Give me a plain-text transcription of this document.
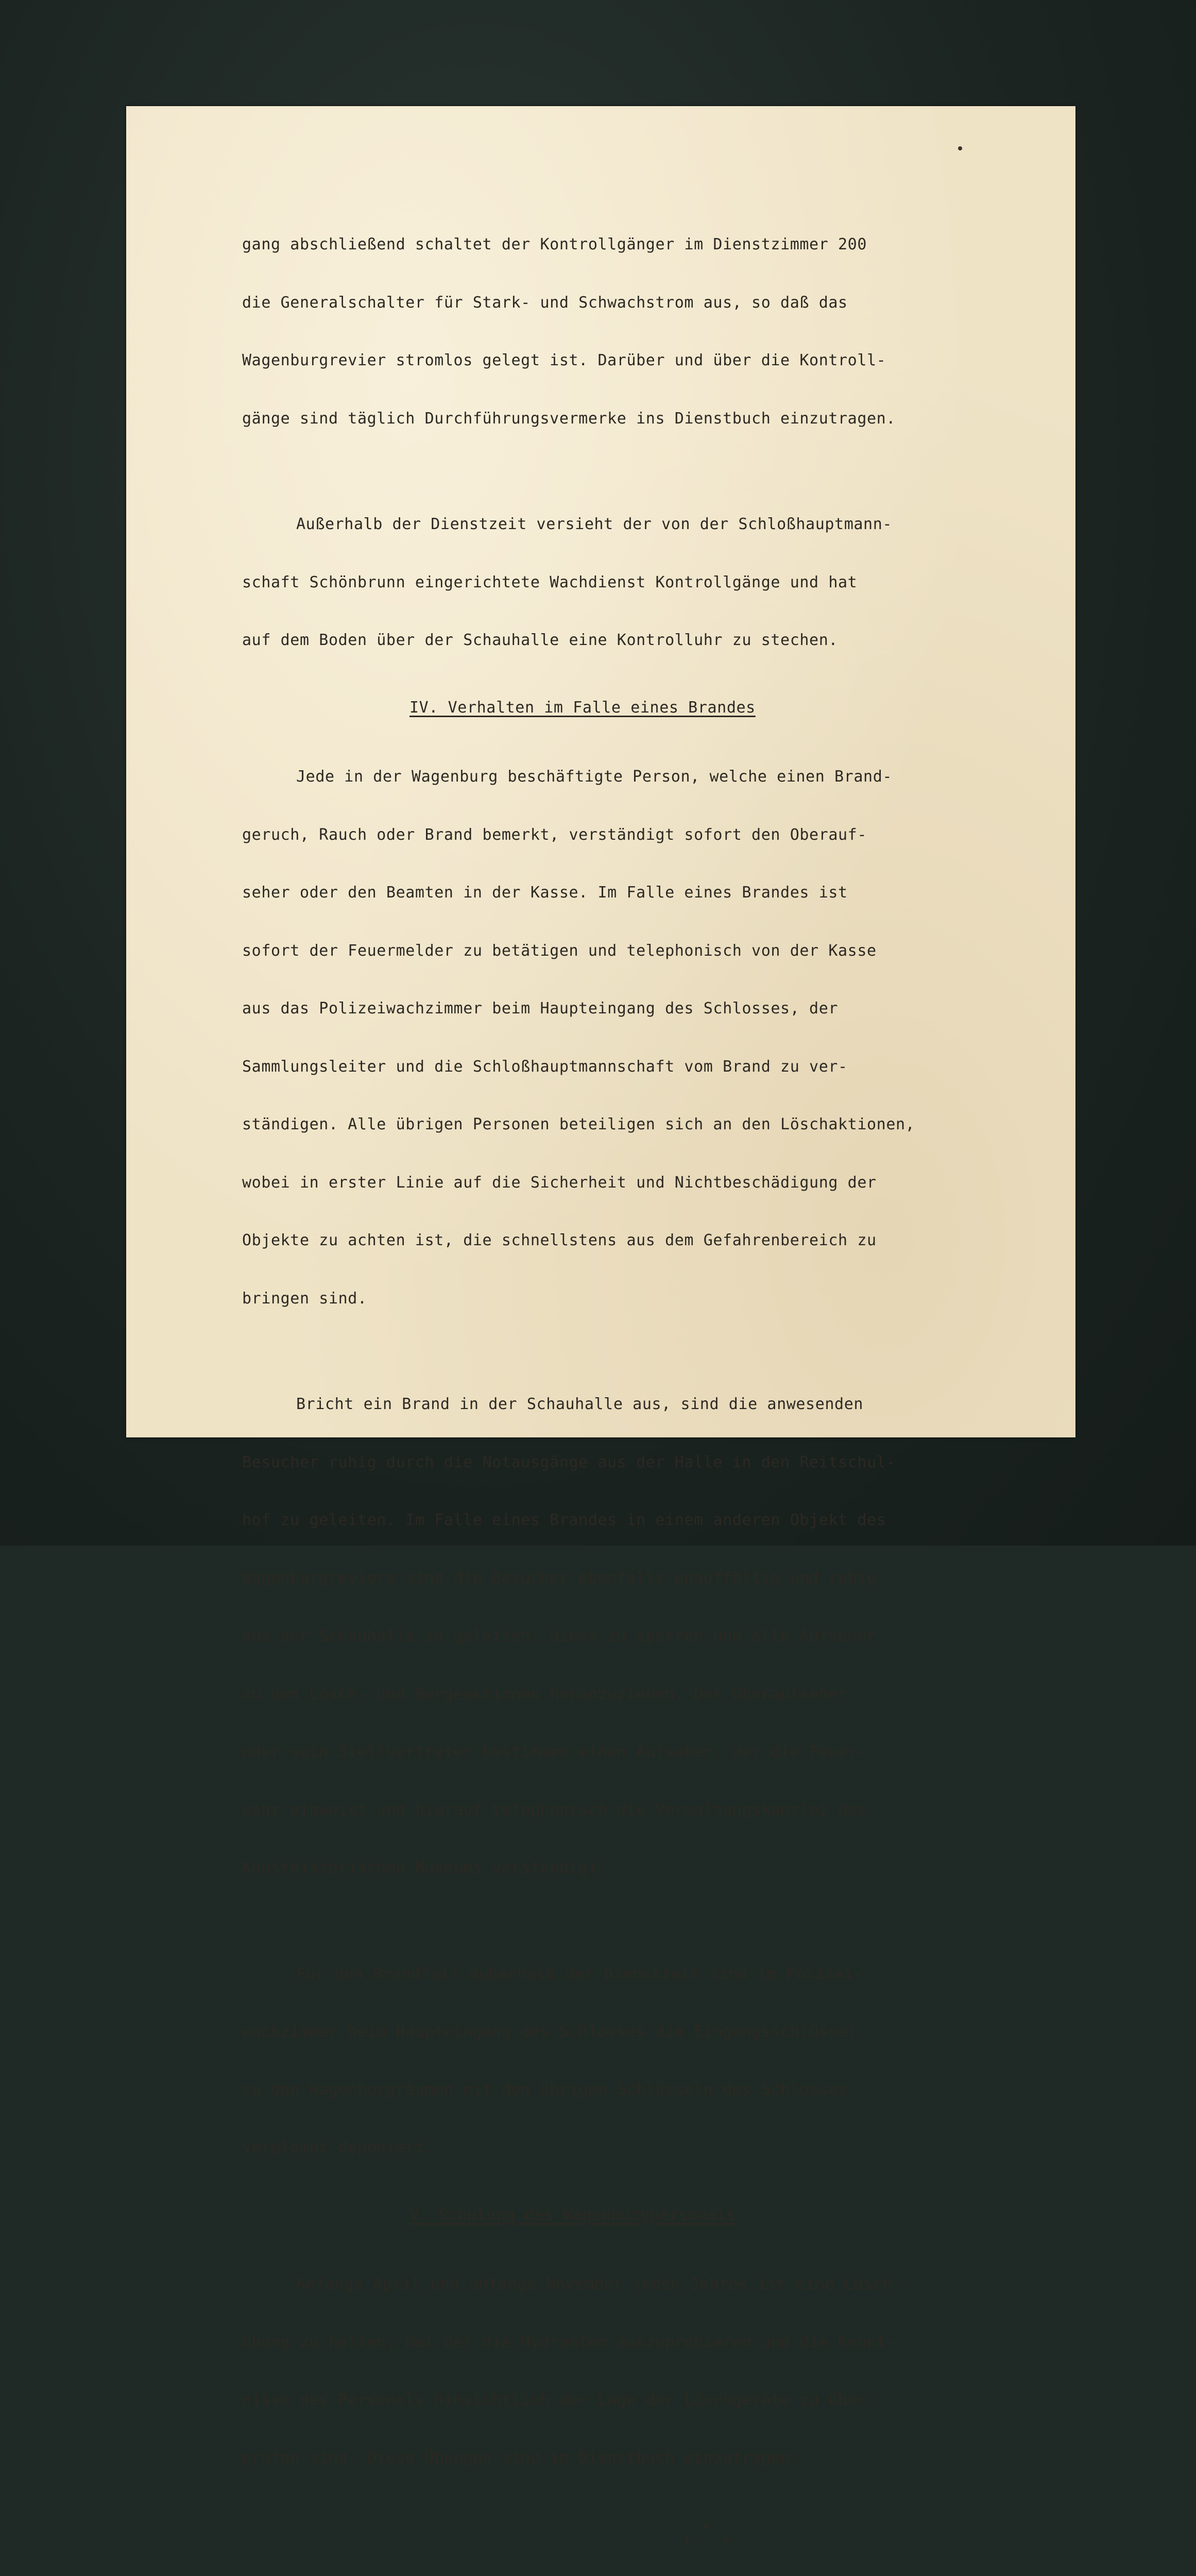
gang abschließend schaltet der Kontrollgänger im Dienstzimmer 200

die Generalschalter für Stark- und Schwachstrom aus, so daß das

Wagenburgrevier stromlos gelegt ist. Darüber und über die Kontroll-

gänge sind täglich Durchführungsvermerke ins Dienstbuch einzutragen.

Außerhalb der Dienstzeit versieht der von der Schloßhauptmann-

schaft Schönbrunn eingerichtete Wachdienst Kontrollgänge und hat

auf dem Boden über der Schauhalle eine Kontrolluhr zu stechen.

IV. Verhalten im Falle eines Brandes

Jede in der Wagenburg beschäftigte Person, welche einen Brand-

geruch, Rauch oder Brand bemerkt, verständigt sofort den Oberauf-

seher oder den Beamten in der Kasse. Im Falle eines Brandes ist

sofort der Feuermelder zu betätigen und telephonisch von der Kasse

aus das Polizeiwachzimmer beim Haupteingang des Schlosses, der

Sammlungsleiter und die Schloßhauptmannschaft vom Brand zu ver-

ständigen. Alle übrigen Personen beteiligen sich an den Löschaktionen,

wobei in erster Linie auf die Sicherheit und Nichtbeschädigung der

Objekte zu achten ist, die schnellstens aus dem Gefahrenbereich zu

bringen sind.

Bricht ein Brand in der Schauhalle aus, sind die anwesenden

Besucher ruhig durch die Notausgänge aus der Halle in den Reitschul-

hof zu geleiten. Im Falle eines Brandes in einem anderen Objekt des

Wagenburgreviers sind die Besucher ebenfalls unauffällig und ruhig

aus der Schauhalle zu geleiten, diese zu sperren und alle Aufseher

zu den Lösch- und Bergeaktionen heranzuziehen. Der Oberaufseher

oder sein Stellvertreter bestimmen einen Aufseher, der die Feuer-

wehr einweist und hierauf telephonisch die Verwaltungskanzlei des

Kunsthistorischen Museums verständigt.

Für den Brandfall außerhalb der Dienstzeit sind im Polizei-

wachzimmer beim Haupteingang des Schlosses die Eingangsschlüssel

zu den Wagenburgräumen mit den übrigen Schlüsseln des Schlosses

verplombt deponiert.

V. Schulung des Wagenburgpersonals

Anfangs April und anfangs November jeden Jahres ist eine Lösch-

übung zu halten, bei der die Hydranten auszuprobieren und die Kennt-

nisse des Personals hinsichtlich der Lage der Löschgeräte zu über-

prüfen sind. Diese Übungen sind im Dienstbuch einzutragen.

+
+ +
